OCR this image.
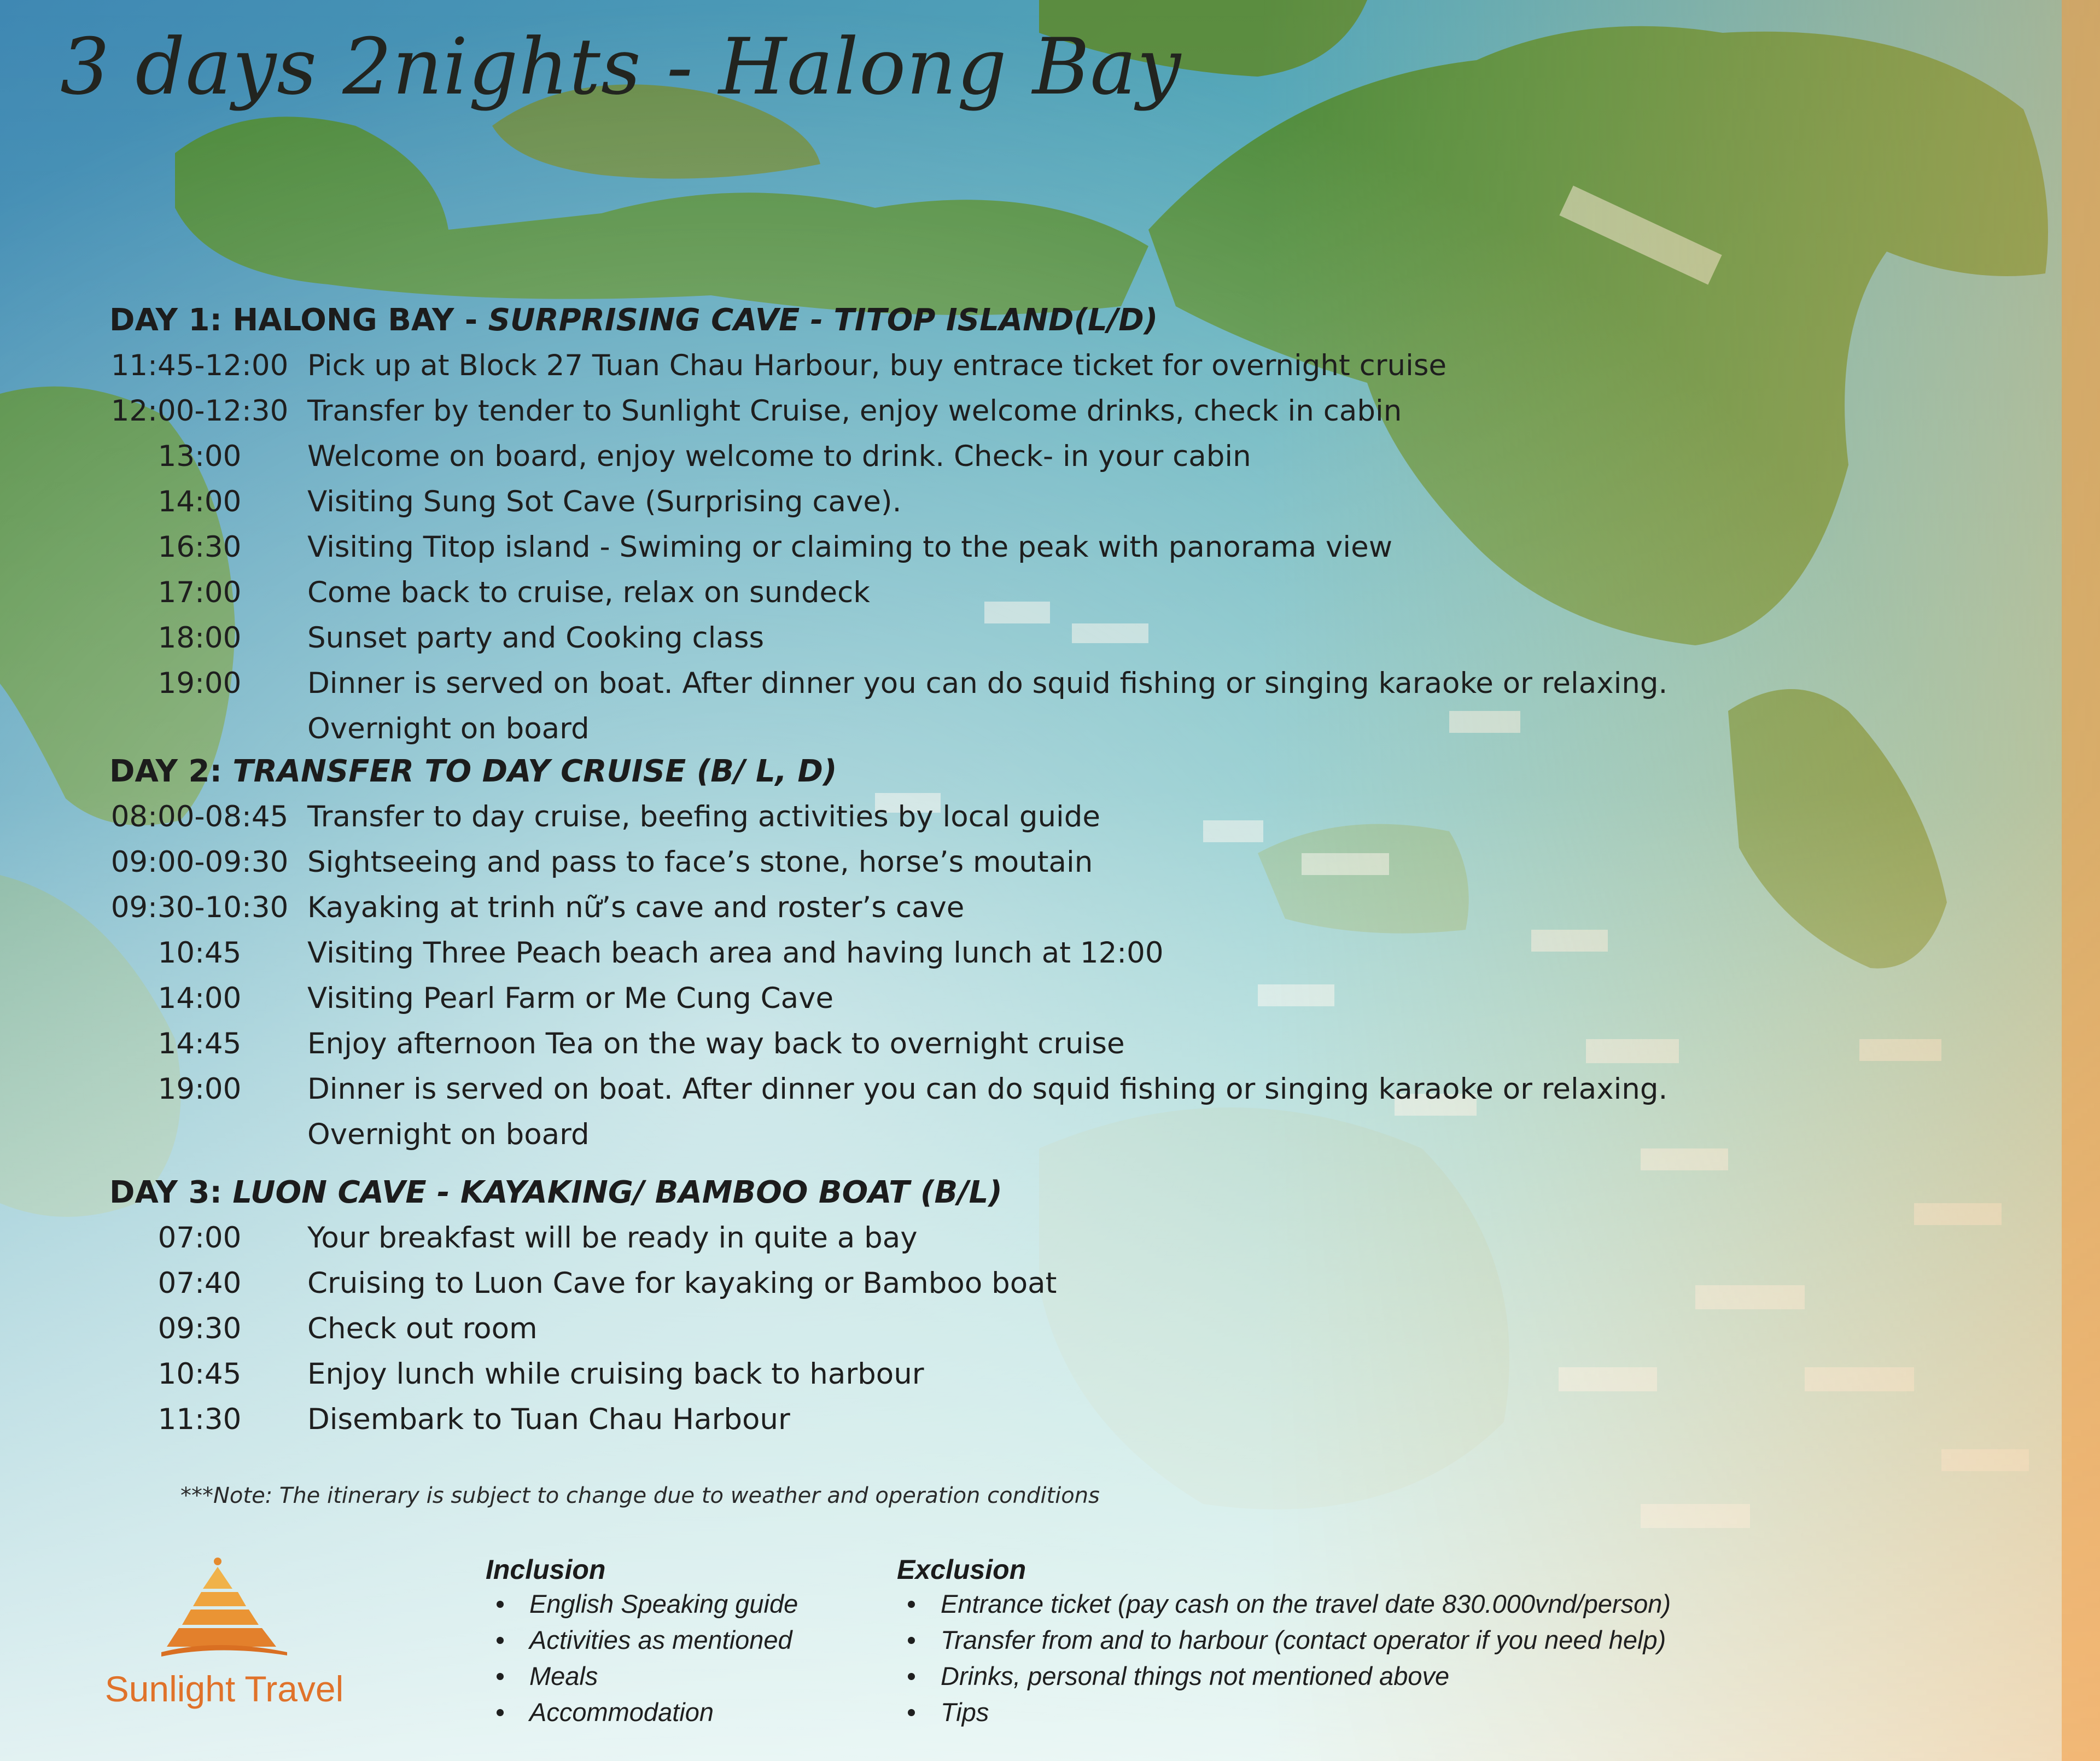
3 days 2nights - Halong Bay
DAY 1: HALONG BAY - SURPRISING CAVE - TITOP ISLAND(L/D)
11:45-12:00 Pick up at Block 27 Tuan Chau Harbour, buy entrace ticket for overnight cruise
12:00-12:30 Transfer by tender to Sunlight Cruise, enjoy welcome drinks, check in cabin
13:00	Welcome on board, enjoy welcome to drink. Check- in your cabin
14:00	Visiting Sung Sot Cave (Surprising cave).
16:30	Visiting Titop island - Swiming or claiming to the peak with panorama view
17:00	Come back to cruise, relax on sundeck
18:00	Sunset party and Cooking class
19:00	Dinner is served on boat. After dinner you can do squid fishing or singing karaoke or relaxing.
Overnight on board
DAY 2: TRANSFER TO DAY CRUISE (B/ L, D)
08:00-08:45 Transfer to day cruise, beefing activities by local guide
09:00-09:30 Sightseeing and pass to face’s stone, horse’s moutain
09:30-10:30 Kayaking at trinh nữ’s cave and roster’s cave
10:45	Visiting Three Peach beach area and having lunch at 12:00
14:00	Visiting Pearl Farm or Me Cung Cave
14:45	Enjoy afternoon Tea on the way back to overnight cruise
19:00	Dinner is served on boat. After dinner you can do squid fishing or singing karaoke or relaxing.
Overnight on board
DAY 3: LUON CAVE - KAYAKING/ BAMBOO BOAT (B/L)
07:00	Your breakfast will be ready in quite a bay
07:40	Cruising to Luon Cave for kayaking or Bamboo boat
09:30	Check out room
10:45	Enjoy lunch while cruising back to harbour
11:30	Disembark to Tuan Chau Harbour
***Note: The itinerary is subject to change due to weather and operation conditions
Sunlight Travel
Inclusion
English Speaking guide
Activities as mentioned
Meals
Accommodation
Exclusion
Entrance ticket (pay cash on the travel date 830.000vnd/person)
Transfer from and to harbour (contact operator if you need help)
Drinks, personal things not mentioned above
Tips
